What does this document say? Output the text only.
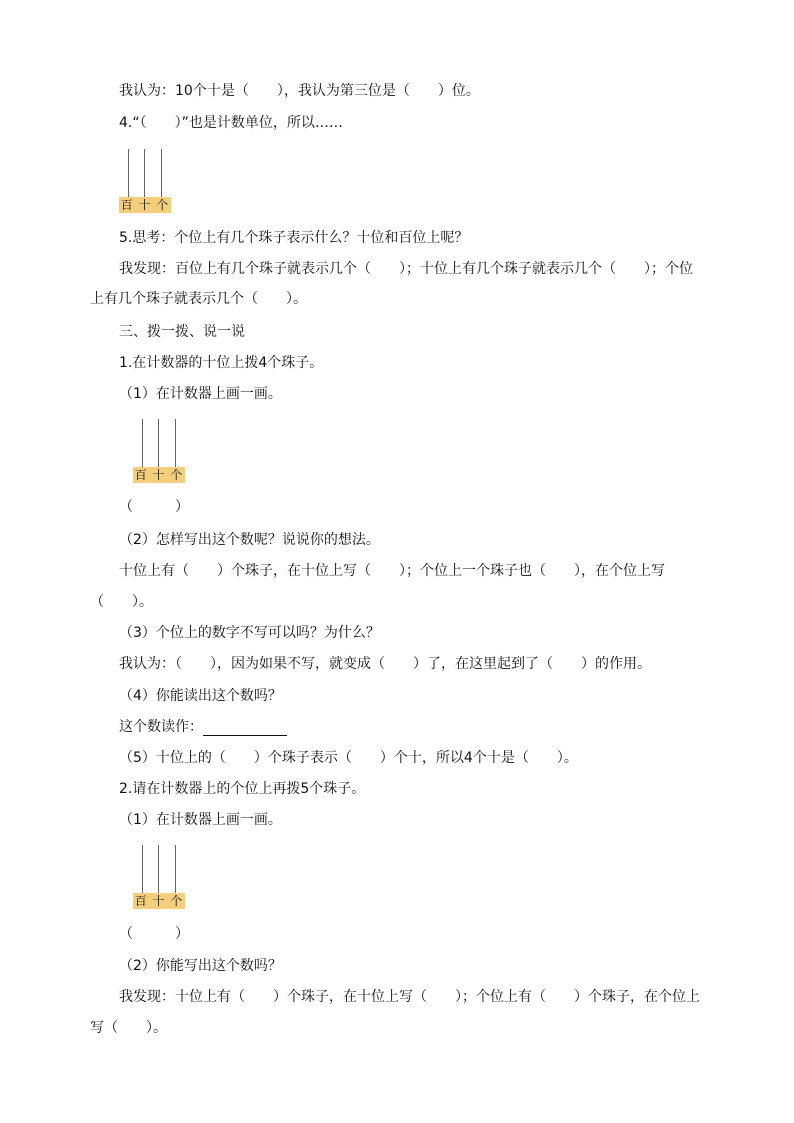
我认为：10个十是（　　），我认为第三位是（　　）位。
4.“（　　）”也是计数单位，所以……
百 十 个
5.思考：个位上有几个珠子表示什么？十位和百位上呢？
我发现：百位上有几个珠子就表示几个（　　）；十位上有几个珠子就表示几个（　　）；个位
上有几个珠子就表示几个（　　）。
三、拨一拨、说一说
1.在计数器的十位上拨4个珠子。
（1）在计数器上画一画。
百 十 个
（　　　）
（2）怎样写出这个数呢？说说你的想法。
十位上有（　　）个珠子，在十位上写（　　）；个位上一个珠子也（　　），在个位上写
（　　）。
（3）个位上的数字不写可以吗？为什么？
我认为：（　　），因为如果不写，就变成（　　）了，在这里起到了（　　）的作用。
（4）你能读出这个数吗？
这个数读作：
（5）十位上的（　　）个珠子表示（　　）个十，所以4个十是（　　）。
2.请在计数器上的个位上再拨5个珠子。
（1）在计数器上画一画。
百 十 个
（　　　）
（2）你能写出这个数吗？
我发现：十位上有（　　）个珠子，在十位上写（　　）；个位上有（　　）个珠子，在个位上
写（　　）。
